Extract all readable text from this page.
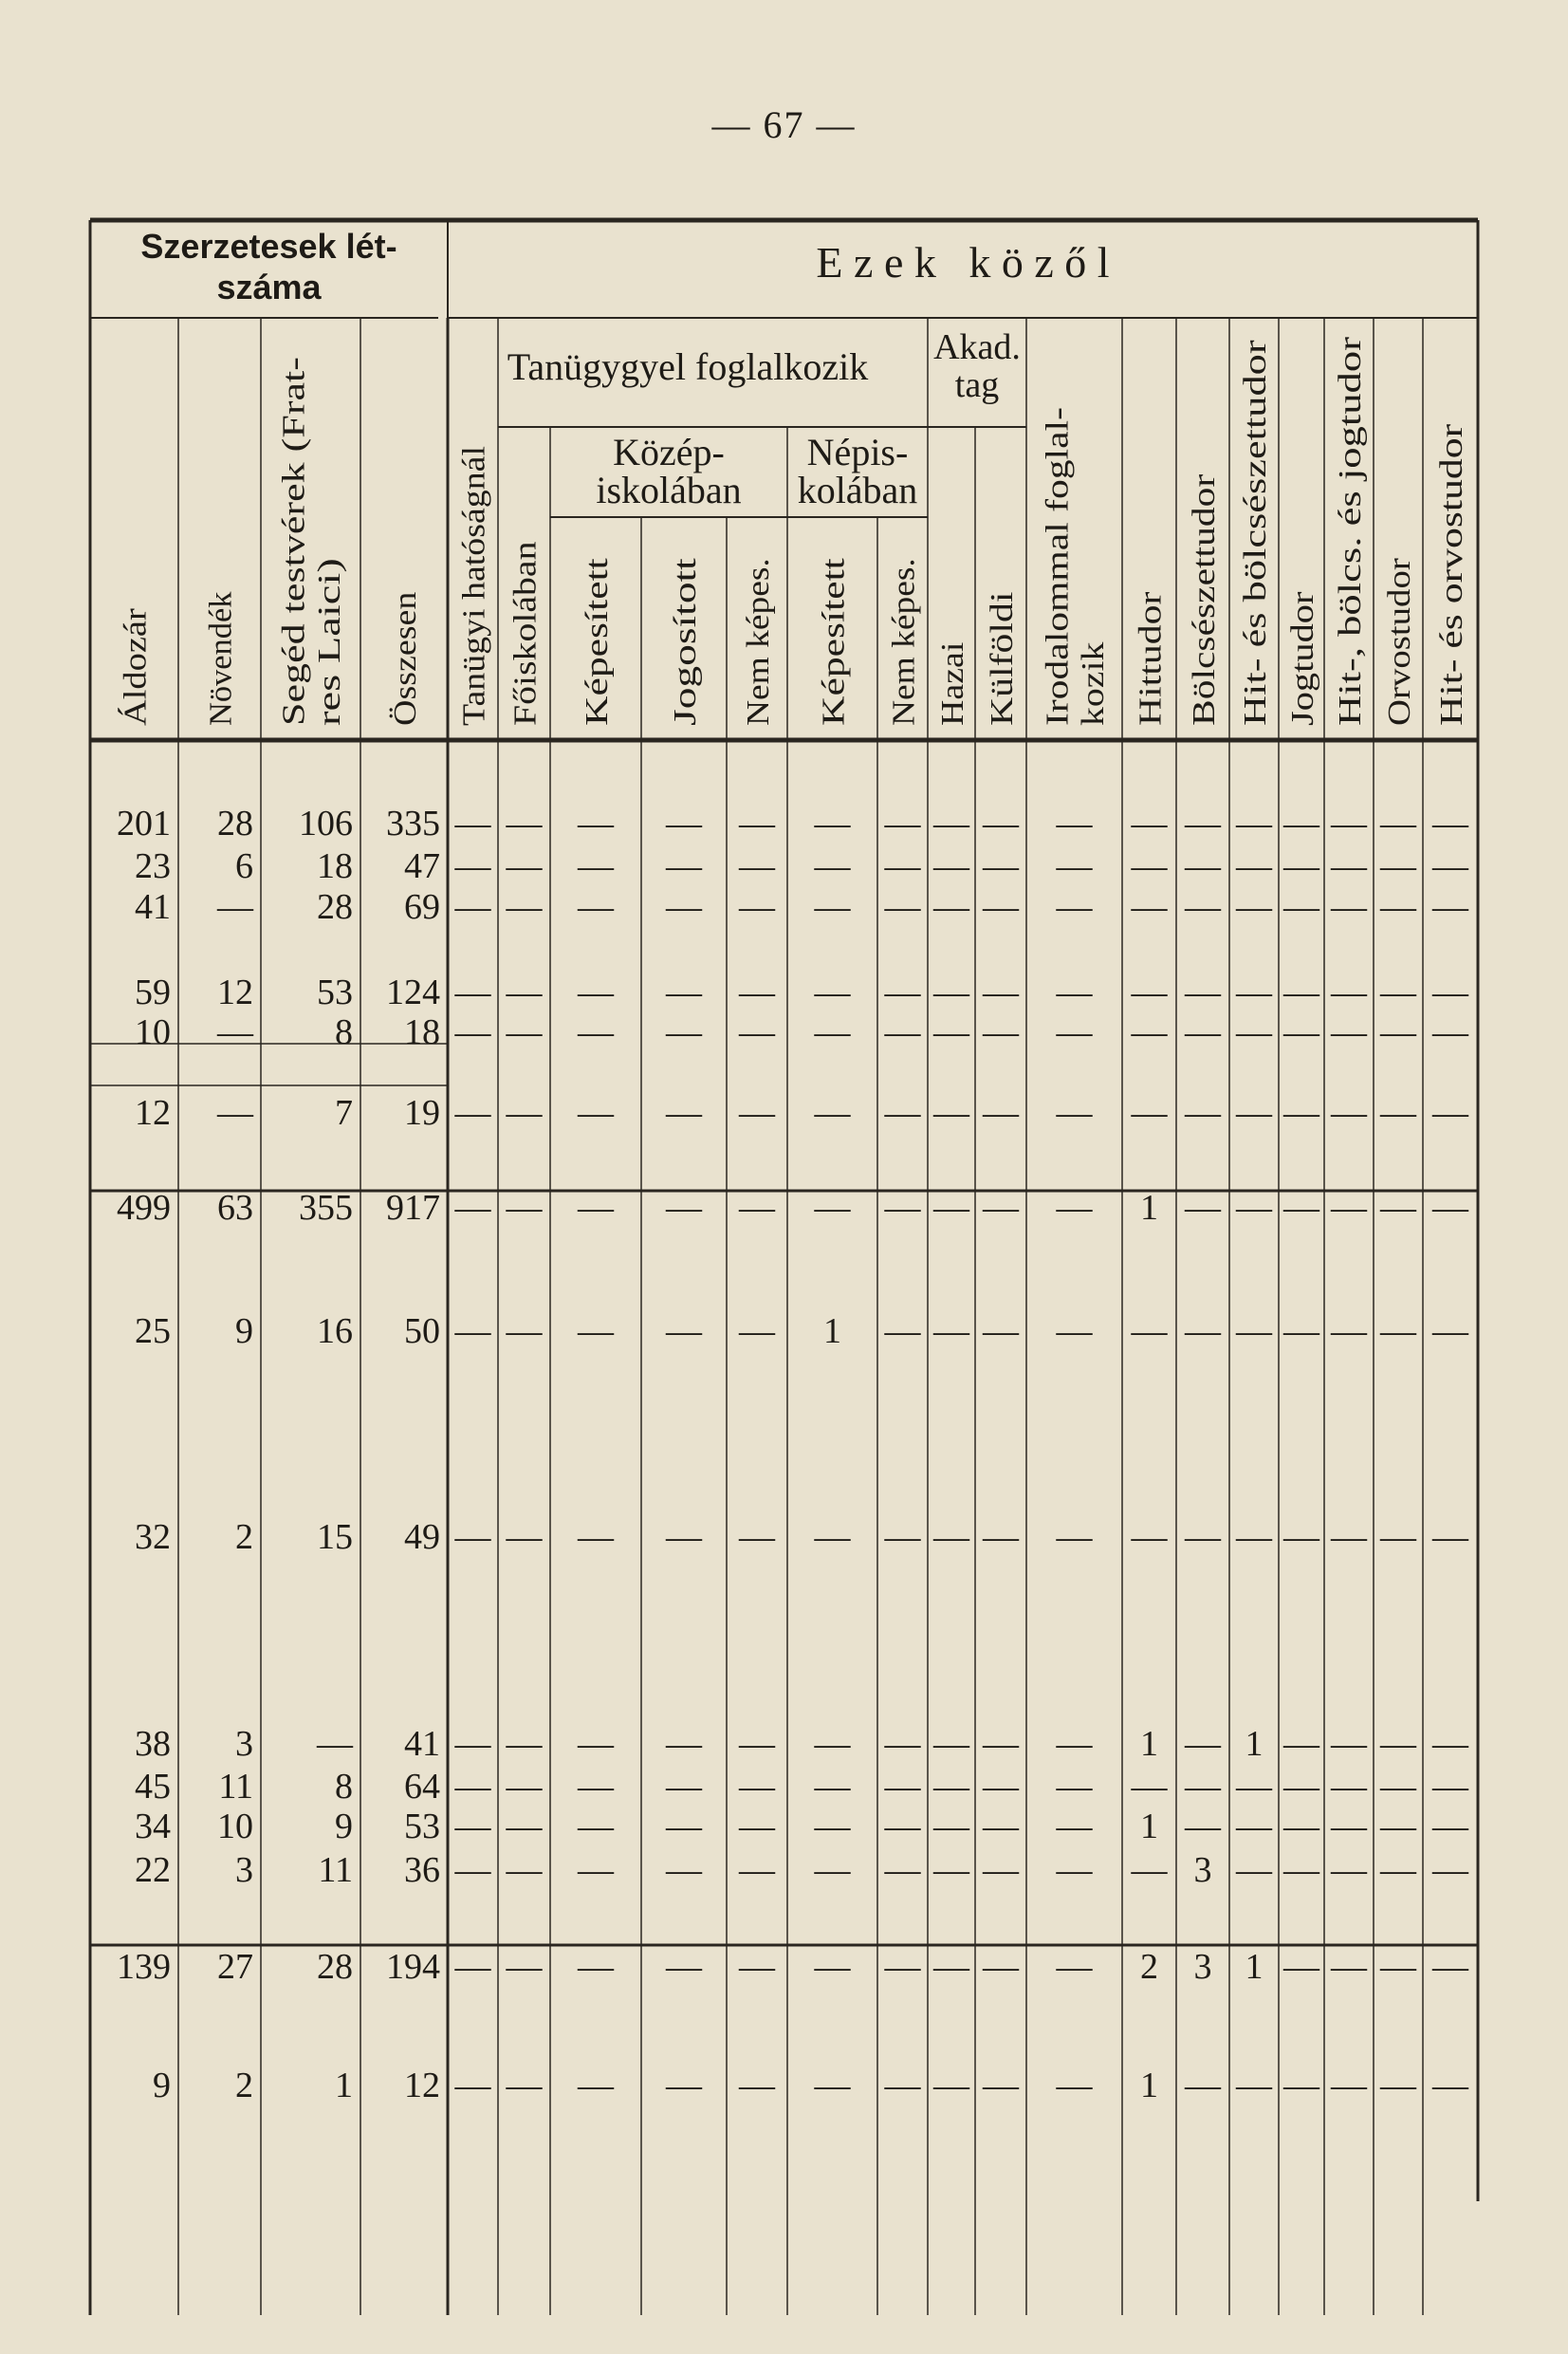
— 67 —
Szerzetesek lét-
száma
E z e k   k ö z ő l
Tanügygyel foglalkozik
Közép-
iskolában
Népis-
kolában
Akad.
tag
Áldozár Növendék Segéd testvérek (Frat- res Laici) Összesen Tanügyi hatóságnál Főiskolában Képesített Jogosított Nem képes. Képesített Nem képes. Hazai Külföldi Irodalommal foglal- kozik Hittudor Bölcsészettudor Hit- és bölcsészettudor Jogtudor Hit-, bölcs. és jogtudor Orvostudor Hit- és orvostudor
201 28 106 335 — — — — — — — — — — — — — — — — —
23 6 18 47 — — — — — — — — — — — — — — — — —
41 — 28 69 — — — — — — — — — — — — — — — — —
59 12 53 124 — — — — — — — — — — — — — — — — —
10 — 8 18 — — — — — — — — — — — — — — — — —
12 — 7 19 — — — — — — — — — — — — — — — — —
499 63 355 917 — — — — — — — — — — 1 — — — — — —
25 9 16 50 — — — — — 1 — — — — — — — — — — —
32 2 15 49 — — — — — — — — — — — — — — — — —
38 3 — 41 — — — — — — — — — — 1 — 1 — — — —
45 11 8 64 — — — — — — — — — — — — — — — — —
34 10 9 53 — — — — — — — — — — 1 — — — — — —
22 3 11 36 — — — — — — — — — — — 3 — — — — —
139 27 28 194 — — — — — — — — — — 2 3 1 — — — —
9 2 1 12 — — — — — — — — — — 1 — — — — — —
